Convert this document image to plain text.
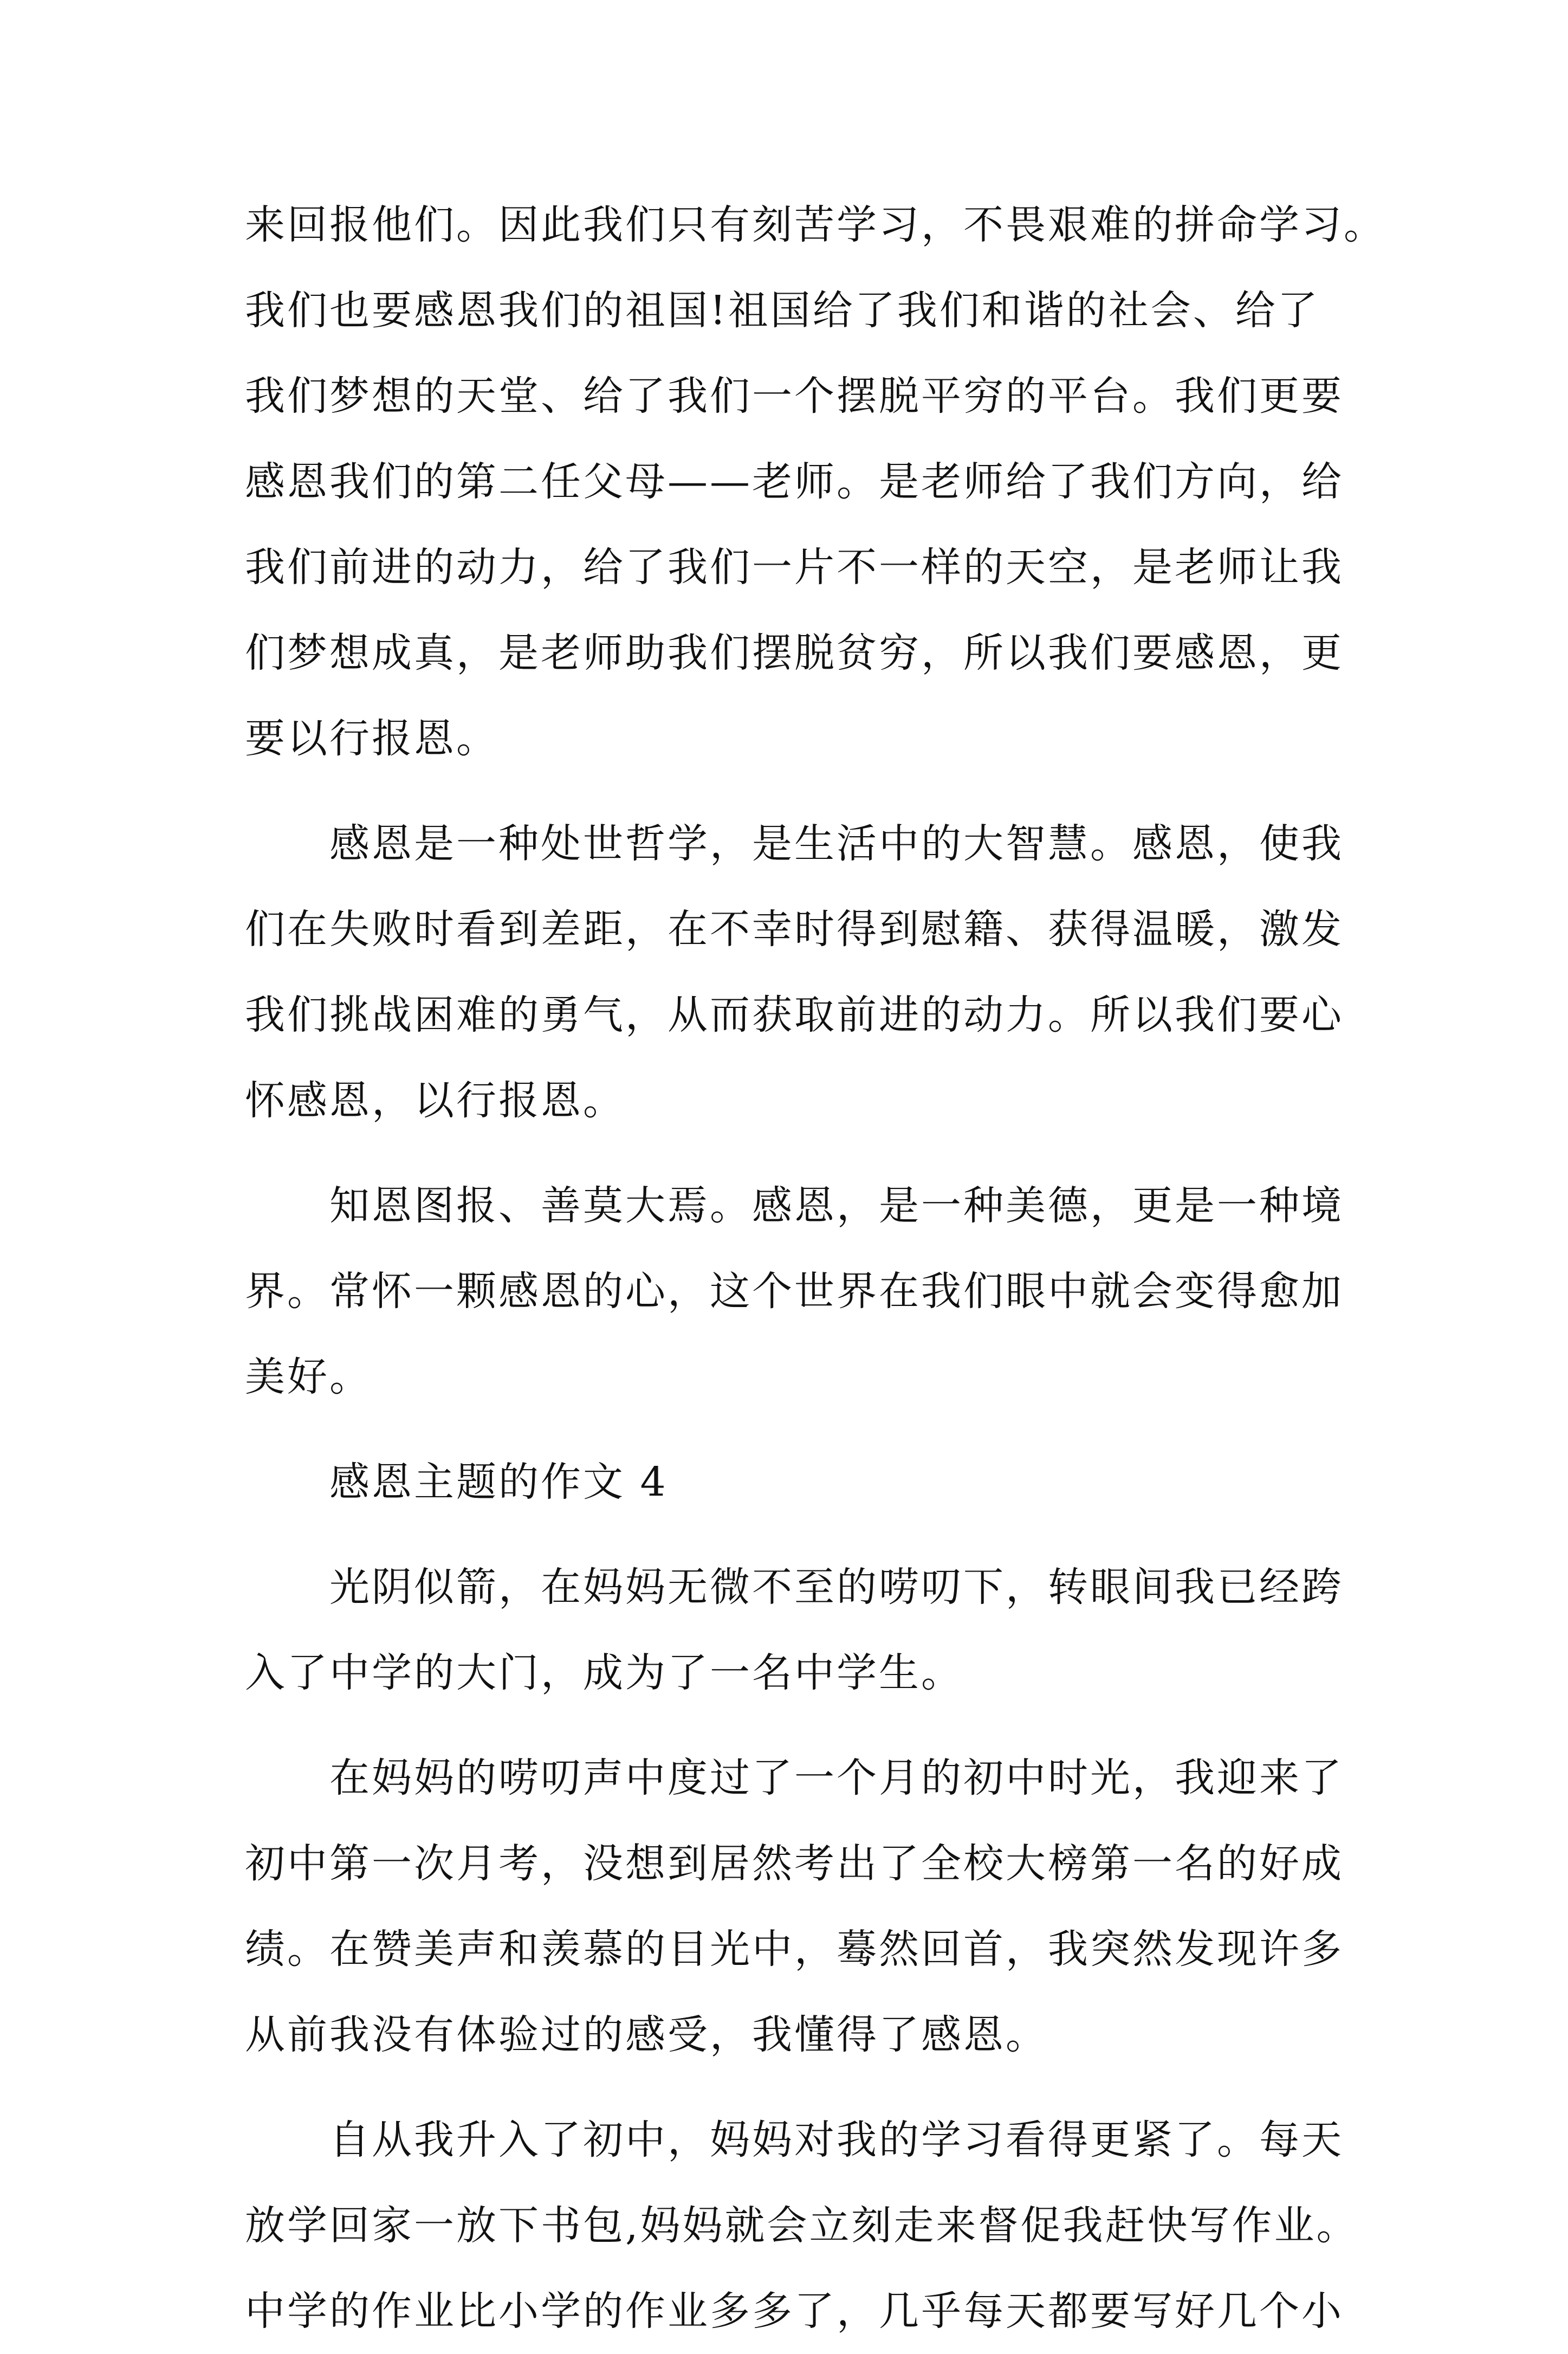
来回报他们。因此我们只有刻苦学习，不畏艰难的拼命学习。
我们也要感恩我们的祖国!祖国给了我们和谐的社会、给了
我们梦想的天堂、给了我们一个摆脱平穷的平台。我们更要
感恩我们的第二任父母——老师。是老师给了我们方向，给
我们前进的动力，给了我们一片不一样的天空，是老师让我
们梦想成真，是老师助我们摆脱贫穷，所以我们要感恩，更
要以行报恩。

感恩是一种处世哲学，是生活中的大智慧。感恩，使我
们在失败时看到差距，在不幸时得到慰籍、获得温暖，激发
我们挑战困难的勇气，从而获取前进的动力。所以我们要心
怀感恩，以行报恩。

知恩图报、善莫大焉。感恩，是一种美德，更是一种境
界。常怀一颗感恩的心，这个世界在我们眼中就会变得愈加
美好。

感恩主题的作文 4

光阴似箭，在妈妈无微不至的唠叨下，转眼间我已经跨
入了中学的大门，成为了一名中学生。

在妈妈的唠叨声中度过了一个月的初中时光，我迎来了
初中第一次月考，没想到居然考出了全校大榜第一名的好成
绩。在赞美声和羡慕的目光中，蓦然回首，我突然发现许多
从前我没有体验过的感受，我懂得了感恩。

自从我升入了初中，妈妈对我的学习看得更紧了。每天
放学回家一放下书包,妈妈就会立刻走来督促我赶快写作业。
中学的作业比小学的作业多多了，几乎每天都要写好几个小
